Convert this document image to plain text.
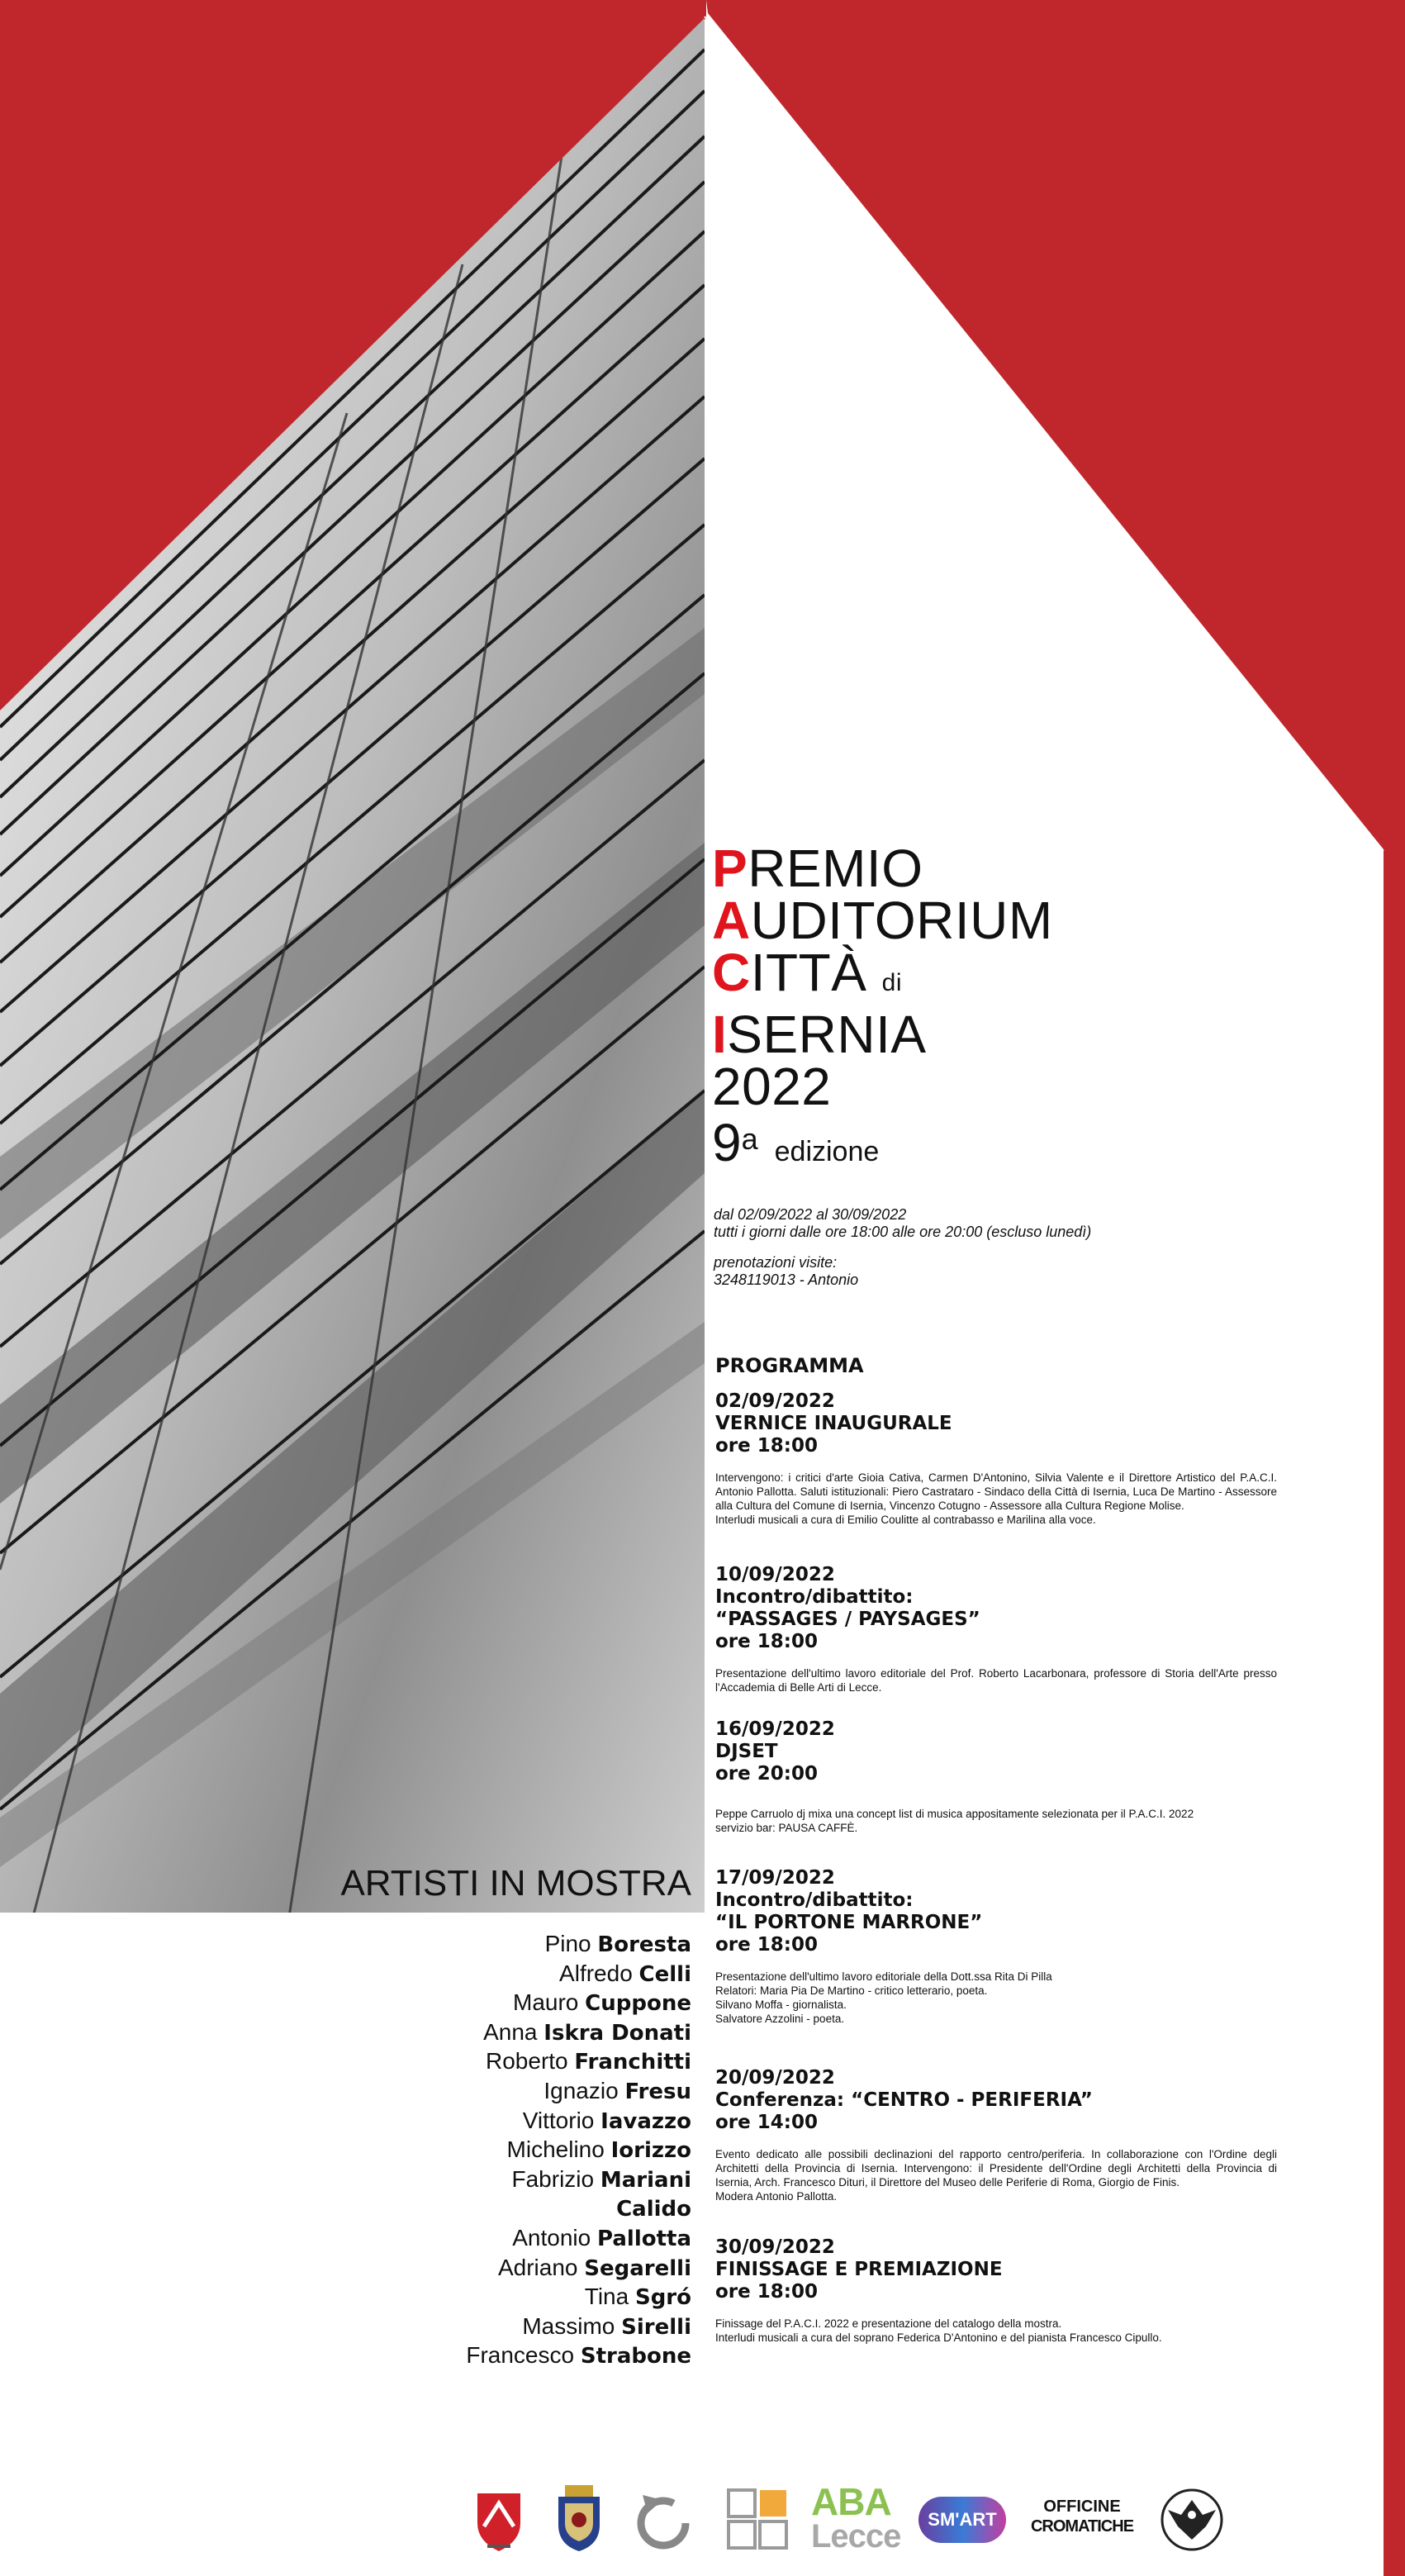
PREMIO
AUDITORIUM
CITTÀ di
ISERNIA
2022
9$^a$ edizione
dal 02/09/2022 al 30/09/2022
tutti i giorni dalle ore 18:00 alle ore 20:00 (escluso lunedì)
prenotazioni visite:
3248119013 - Antonio
PROGRAMMA
02/09/2022
VERNICE INAUGURALE
ore 18:00
Intervengono: i critici d'arte Gioia Cativa, Carmen D'Antonino, Silvia Valente e il Direttore Artistico del P.A.C.I. Antonio Pallotta. Saluti istituzionali: Piero Castrataro - Sindaco della Città di Isernia, Luca De Martino - Assessore alla Cultura del Comune di Isernia, Vincenzo Cotugno - Assessore alla Cultura Regione Molise.
Interludi musicali a cura di Emilio Coulitte al contrabasso e Marilina alla voce.
10/09/2022
Incontro/dibattito:
“PASSAGES / PAYSAGES”
ore 18:00
Presentazione dell'ultimo lavoro editoriale del Prof. Roberto Lacarbonara, professore di Storia dell'Arte presso l'Accademia di Belle Arti di Lecce.
16/09/2022
DJSET
ore 20:00
Peppe Carruolo dj mixa una concept list di musica appositamente selezionata per il P.A.C.I. 2022
servizio bar: PAUSA CAFFÈ.
17/09/2022
Incontro/dibattito:
“IL PORTONE MARRONE”
ore 18:00
Presentazione dell'ultimo lavoro editoriale della Dott.ssa Rita Di Pilla
Relatori: Maria Pia De Martino - critico letterario, poeta.
Silvano Moffa - giornalista.
Salvatore Azzolini - poeta.
20/09/2022
Conferenza: “CENTRO - PERIFERIA”
ore 14:00
Evento dedicato alle possibili declinazioni del rapporto centro/periferia. In collaborazione con l'Ordine degli Architetti della Provincia di Isernia. Intervengono: il Presidente dell'Ordine degli Architetti della Provincia di Isernia, Arch. Francesco Dituri, il Direttore del Museo delle Periferie di Roma, Giorgio de Finis.
Modera Antonio Pallotta.
30/09/2022
FINISSAGE E PREMIAZIONE
ore 18:00
Finissage del P.A.C.I. 2022 e presentazione del catalogo della mostra.
Interludi musicali a cura del soprano Federica D'Antonino e del pianista Francesco Cipullo.
ARTISTI IN MOSTRA
Pino Boresta
Alfredo Celli
Mauro Cuppone
Anna Iskra Donati
Roberto Franchitti
Ignazio Fresu
Vittorio Iavazzo
Michelino Iorizzo
Fabrizio Mariani
Calido
Antonio Pallotta
Adriano Segarelli
Tina Sgró
Massimo Sirelli
Francesco Strabone
ABA
Lecce	SM'ART
OFFICINE
CROMATICHE
